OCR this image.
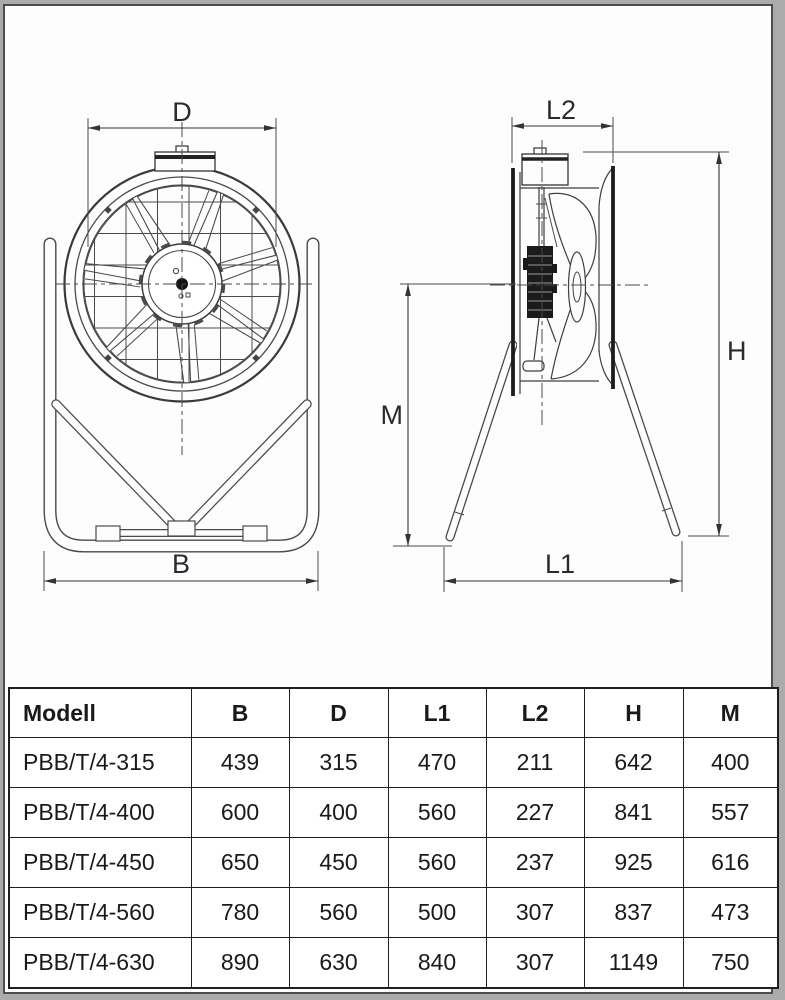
D
B
L2
H
M
L1
Modell	B	D	L1	L2	H	M
PBB/T/4-315	439	315	470	211	642	400
PBB/T/4-400	600	400	560	227	841	557
PBB/T/4-450	650	450	560	237	925	616
PBB/T/4-560	780	560	500	307	837	473
PBB/T/4-630	890	630	840	307	1149	750
